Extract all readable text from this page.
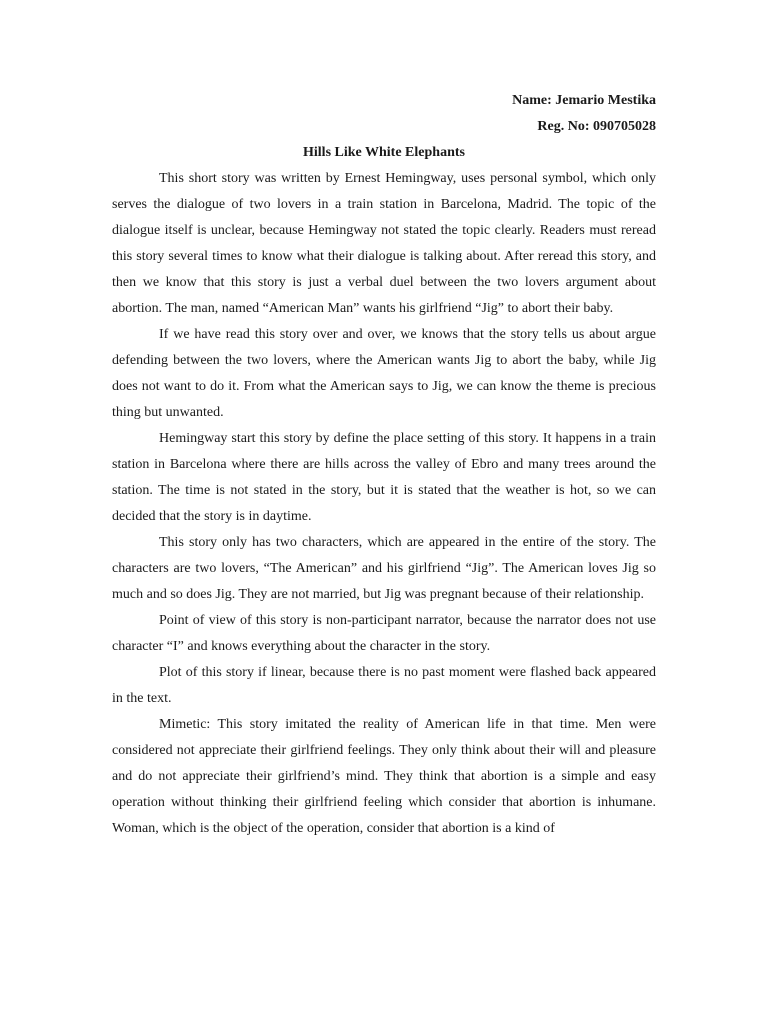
Name: Jemario Mestika

Reg. No: 090705028

Hills Like White Elephants

This short story was written by Ernest Hemingway, uses personal symbol, which only serves the dialogue of two lovers in a train station in Barcelona, Madrid. The topic of the dialogue itself is unclear, because Hemingway not stated the topic clearly. Readers must reread this story several times to know what their dialogue is talking about. After reread this story, and then we know that this story is just a verbal duel between the two lovers argument about abortion. The man, named “American Man” wants his girlfriend “Jig” to abort their baby.

If we have read this story over and over, we knows that the story tells us about argue defending between the two lovers, where the American wants Jig to abort the baby, while Jig does not want to do it. From what the American says to Jig, we can know the theme is precious thing but unwanted.

Hemingway start this story by define the place setting of this story. It happens in a train station in Barcelona where there are hills across the valley of Ebro and many trees around the station. The time is not stated in the story, but it is stated that the weather is hot, so we can decided that the story is in daytime.

This story only has two characters, which are appeared in the entire of the story. The characters are two lovers, “The American” and his girlfriend “Jig”. The American loves Jig so much and so does Jig. They are not married, but Jig was pregnant because of their relationship.

Point of view of this story is non-participant narrator, because the narrator does not use character “I” and knows everything about the character in the story.

Plot of this story if linear, because there is no past moment were flashed back appeared in the text.

Mimetic: This story imitated the reality of American life in that time. Men were considered not appreciate their girlfriend feelings. They only think about their will and pleasure and do not appreciate their girlfriend’s mind. They think that abortion is a simple and easy operation without thinking their girlfriend feeling which consider that abortion is inhumane. Woman, which is the object of the operation, consider that abortion is a kind of
